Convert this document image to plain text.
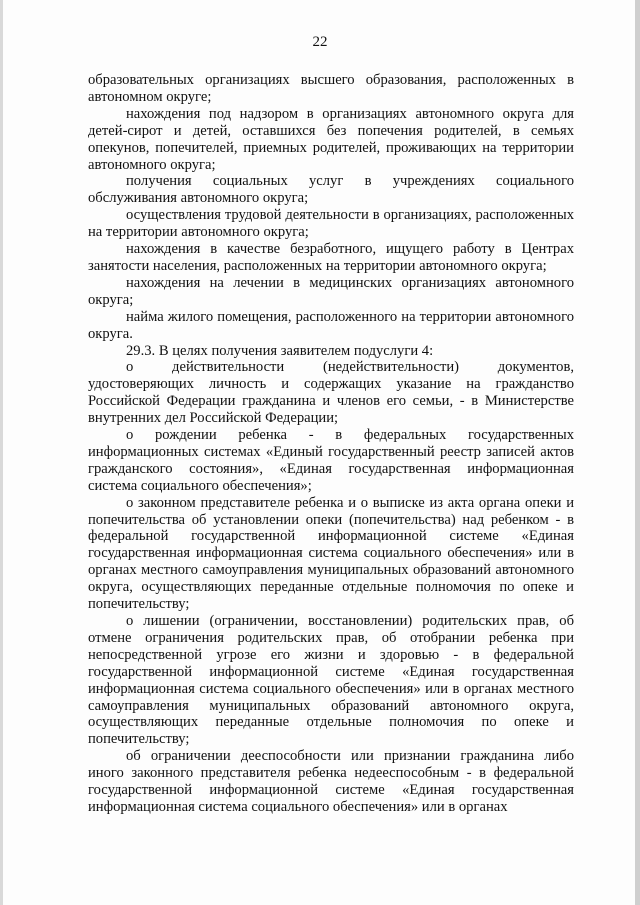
22

образовательных организациях высшего образования, расположенных в автономном округе;

нахождения под надзором в организациях автономного округа для детей-сирот и детей, оставшихся без попечения родителей, в семьях опекунов, попечителей, приемных родителей, проживающих на территории автономного округа;

получения социальных услуг в учреждениях социального обслуживания автономного округа;

осуществления трудовой деятельности в организациях, расположенных на территории автономного округа;

нахождения в качестве безработного, ищущего работу в Центрах занятости населения, расположенных на территории автономного округа;

нахождения на лечении в медицинских организациях автономного округа;

найма жилого помещения, расположенного на территории автономного округа.

29.3. В целях получения заявителем подуслуги 4:

о действительности (недействительности) документов, удостоверяющих личность и содержащих указание на гражданство Российской Федерации гражданина и членов его семьи, - в Министерстве внутренних дел Российской Федерации;

о рождении ребенка - в федеральных государственных информационных системах «Единый государственный реестр записей актов гражданского состояния», «Единая государственная информационная система социального обеспечения»;

о законном представителе ребенка и о выписке из акта органа опеки и попечительства об установлении опеки (попечительства) над ребенком - в федеральной государственной информационной системе «Единая государственная информационная система социального обеспечения» или в органах местного самоуправления муниципальных образований автономного округа, осуществляющих переданные отдельные полномочия по опеке и попечительству;

о лишении (ограничении, восстановлении) родительских прав, об отмене ограничения родительских прав, об отобрании ребенка при непосредственной угрозе его жизни и здоровью - в федеральной государственной информационной системе «Единая государственная информационная система социального обеспечения» или в органах местного самоуправления муниципальных образований автономного округа, осуществляющих переданные отдельные полномочия по опеке и попечительству;

об ограничении дееспособности или признании гражданина либо иного законного представителя ребенка недееспособным - в федеральной государственной информационной системе «Единая государственная информационная система социального обеспечения» или в органах
